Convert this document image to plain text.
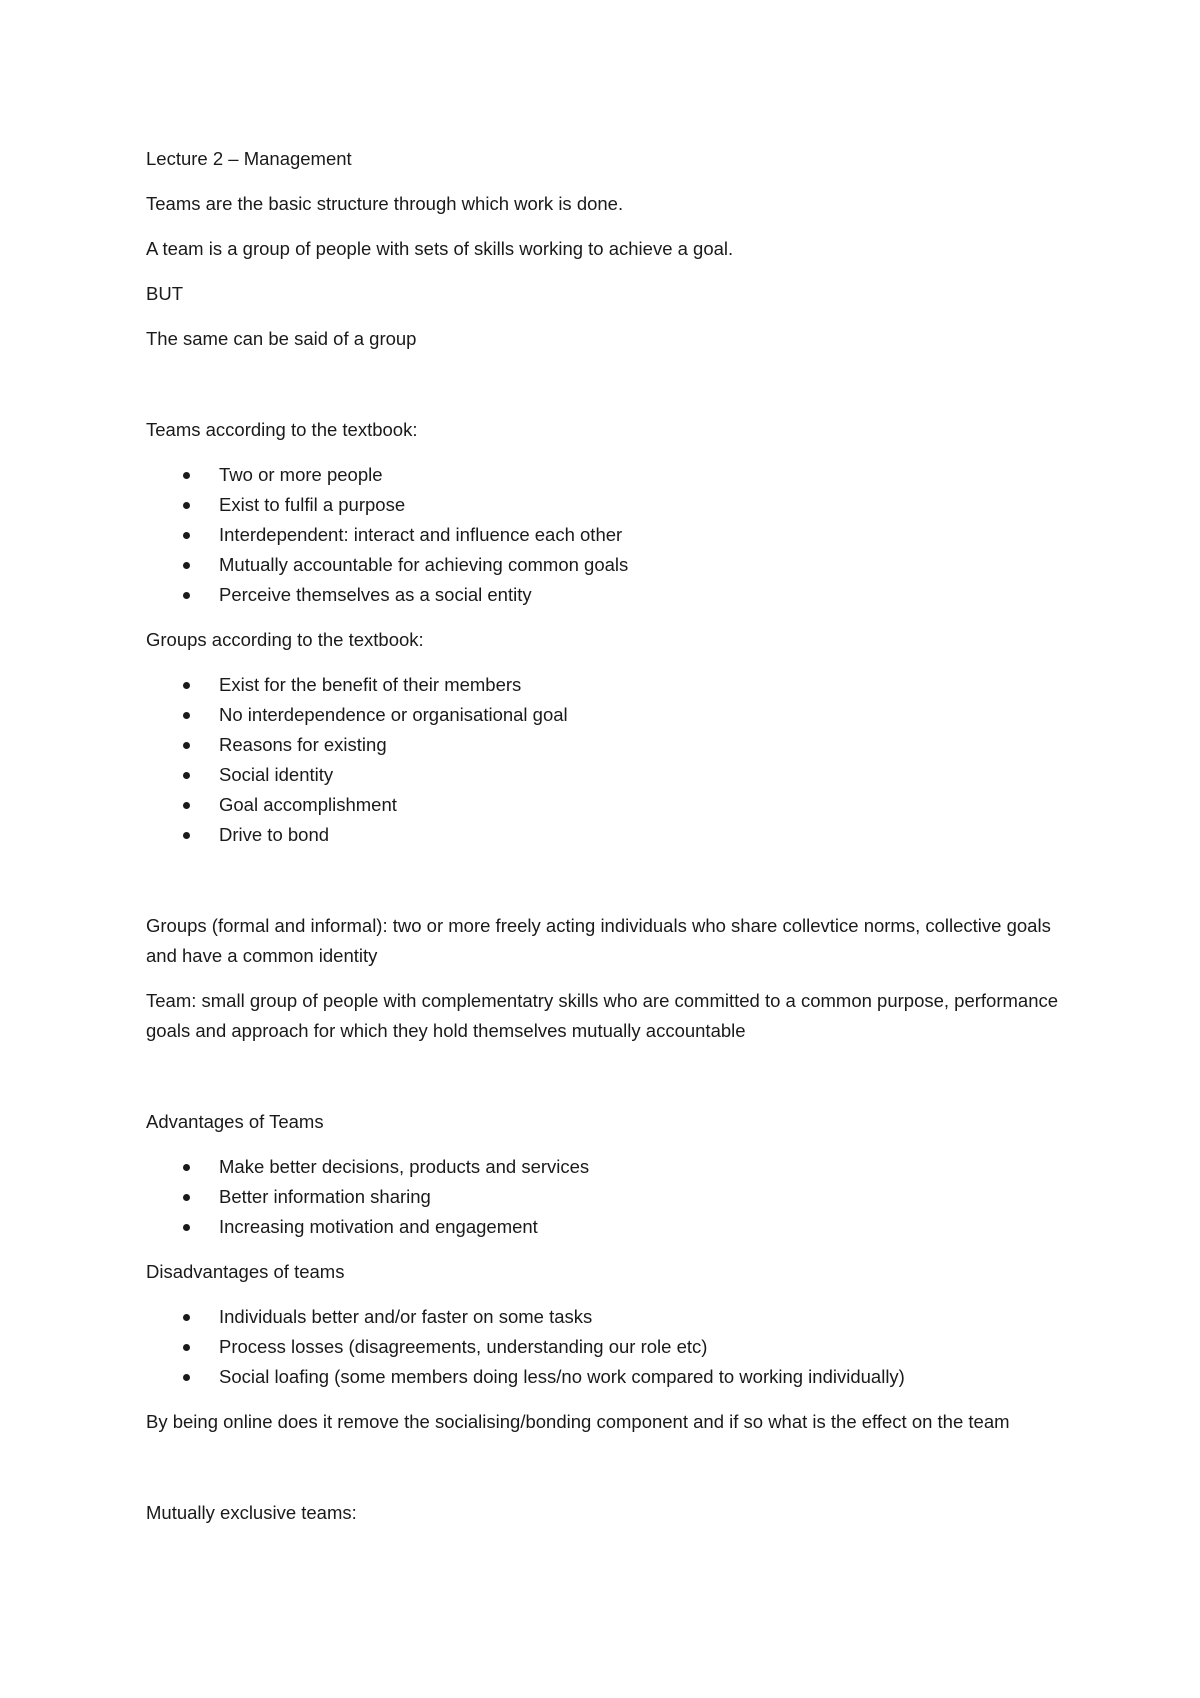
Lecture 2 – Management
Teams are the basic structure through which work is done.
A team is a group of people with sets of skills working to achieve a goal.
BUT
The same can be said of a group
Teams according to the textbook:
Two or more people
Exist to fulfil a purpose
Interdependent: interact and influence each other
Mutually accountable for achieving common goals
Perceive themselves as a social entity
Groups according to the textbook:
Exist for the benefit of their members
No interdependence or organisational goal
Reasons for existing
Social identity
Goal accomplishment
Drive to bond
Groups (formal and informal): two or more freely acting individuals who share collevtice norms, collective goals and have a common identity
Team: small group of people with complementatry skills who are committed to a common purpose, performance goals and approach for which they hold themselves mutually accountable
Advantages of Teams
Make better decisions, products and services
Better information sharing
Increasing motivation and engagement
Disadvantages of teams
Individuals better and/or faster on some tasks
Process losses (disagreements, understanding our role etc)
Social loafing (some members doing less/no work compared to working individually)
By being online does it remove the socialising/bonding component and if so what is the effect on the team
Mutually exclusive teams:
